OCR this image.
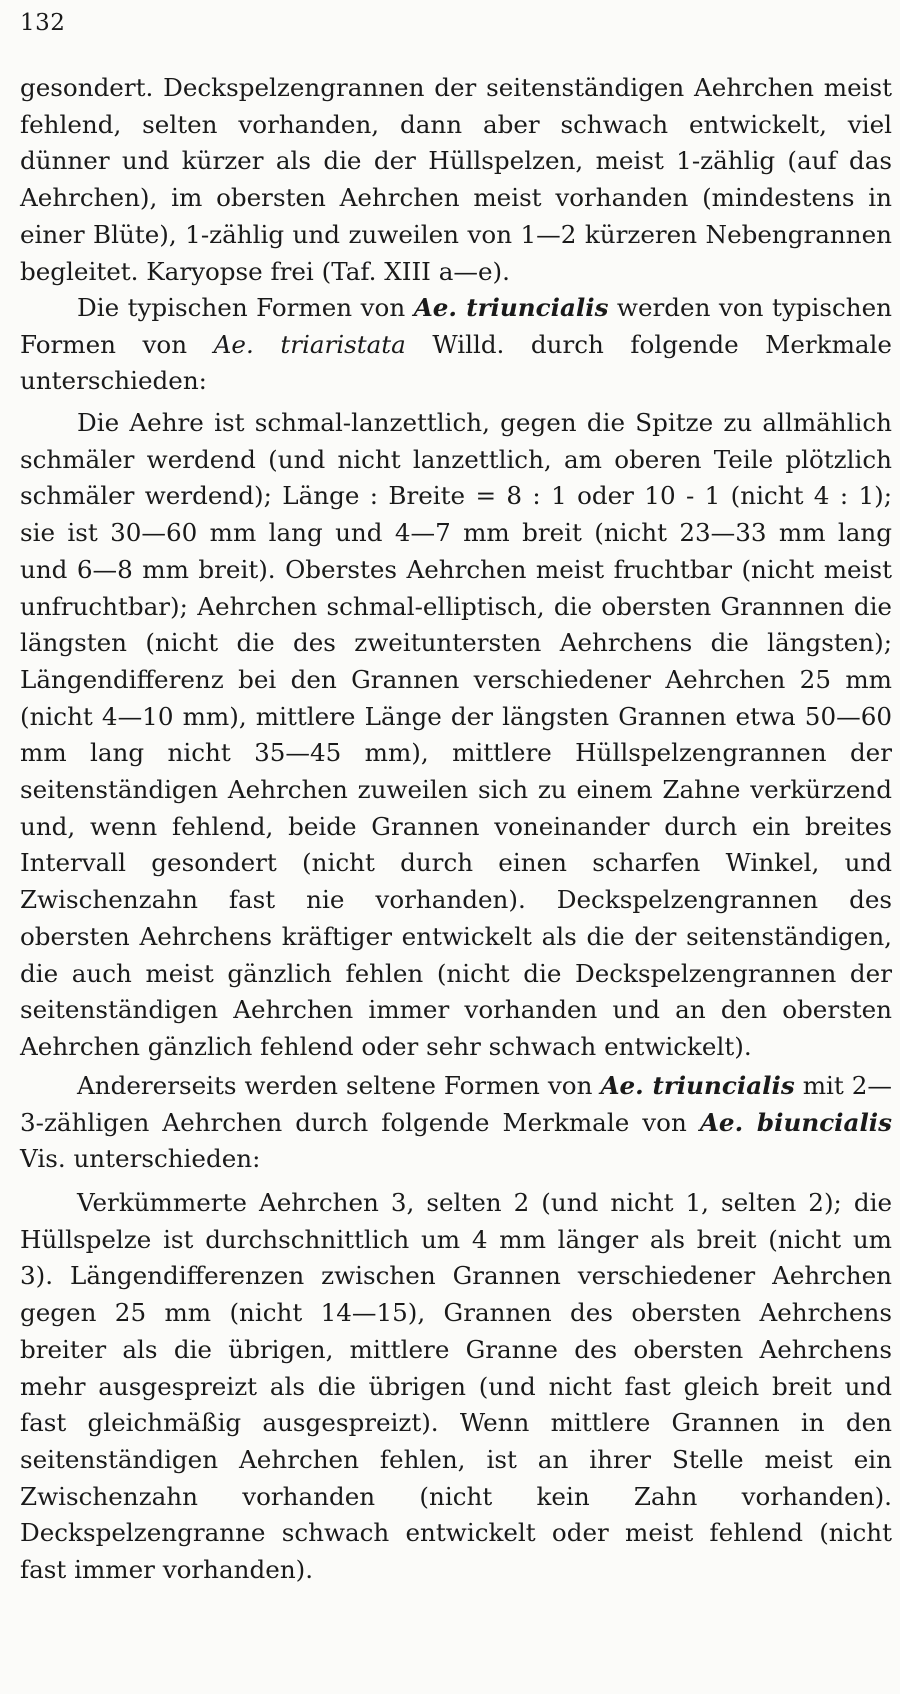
132

gesondert. Deckspelzengrannen der seitenständigen Aehrchen meist fehlend, selten vorhanden, dann aber schwach entwickelt, viel dünner und kürzer als die der Hüllspelzen, meist 1-zählig (auf das Aehrchen), im obersten Aehrchen meist vorhanden (mindestens in einer Blüte), 1-zählig und zuweilen von 1—2 kürzeren Nebengrannen begleitet. Karyopse frei (Taf. XIII a—e).

Die typischen Formen von Ae. triuncialis werden von typischen Formen von Ae. triaristata Willd. durch folgende Merkmale unterschieden:

Die Aehre ist schmal-lanzettlich, gegen die Spitze zu allmählich schmäler werdend (und nicht lanzettlich, am oberen Teile plötzlich schmäler werdend); Länge : Breite = 8 : 1 oder 10 - 1 (nicht 4 : 1); sie ist 30—60 mm lang und 4—7 mm breit (nicht 23—33 mm lang und 6—8 mm breit). Oberstes Aehrchen meist fruchtbar (nicht meist unfruchtbar); Aehrchen schmal-elliptisch, die obersten Grannnen die längsten (nicht die des zweituntersten Aehrchens die längsten); Längendifferenz bei den Grannen verschiedener Aehrchen 25 mm (nicht 4—10 mm), mittlere Länge der längsten Grannen etwa 50—60 mm lang nicht 35—45 mm), mittlere Hüllspelzengrannen der seitenständigen Aehrchen zuweilen sich zu einem Zahne verkürzend und, wenn fehlend, beide Grannen voneinander durch ein breites Intervall gesondert (nicht durch einen scharfen Winkel, und Zwischenzahn fast nie vorhanden). Deckspelzengrannen des obersten Aehrchens kräftiger entwickelt als die der seitenständigen, die auch meist gänzlich fehlen (nicht die Deckspelzengrannen der seitenständigen Aehrchen immer vorhanden und an den obersten Aehrchen gänzlich fehlend oder sehr schwach entwickelt).

Andererseits werden seltene Formen von Ae. triuncialis mit 2—3-zähligen Aehrchen durch folgende Merkmale von Ae. biuncialis Vis. unterschieden:

Verkümmerte Aehrchen 3, selten 2 (und nicht 1, selten 2); die Hüllspelze ist durchschnittlich um 4 mm länger als breit (nicht um 3). Längendifferenzen zwischen Grannen verschiedener Aehrchen gegen 25 mm (nicht 14—15), Grannen des obersten Aehrchens breiter als die übrigen, mittlere Granne des obersten Aehrchens mehr ausgespreizt als die übrigen (und nicht fast gleich breit und fast gleichmäßig ausgespreizt). Wenn mittlere Grannen in den seitenständigen Aehrchen fehlen, ist an ihrer Stelle meist ein Zwischenzahn vorhanden (nicht kein Zahn vorhanden). Deckspelzengranne schwach entwickelt oder meist fehlend (nicht fast immer vorhanden).
